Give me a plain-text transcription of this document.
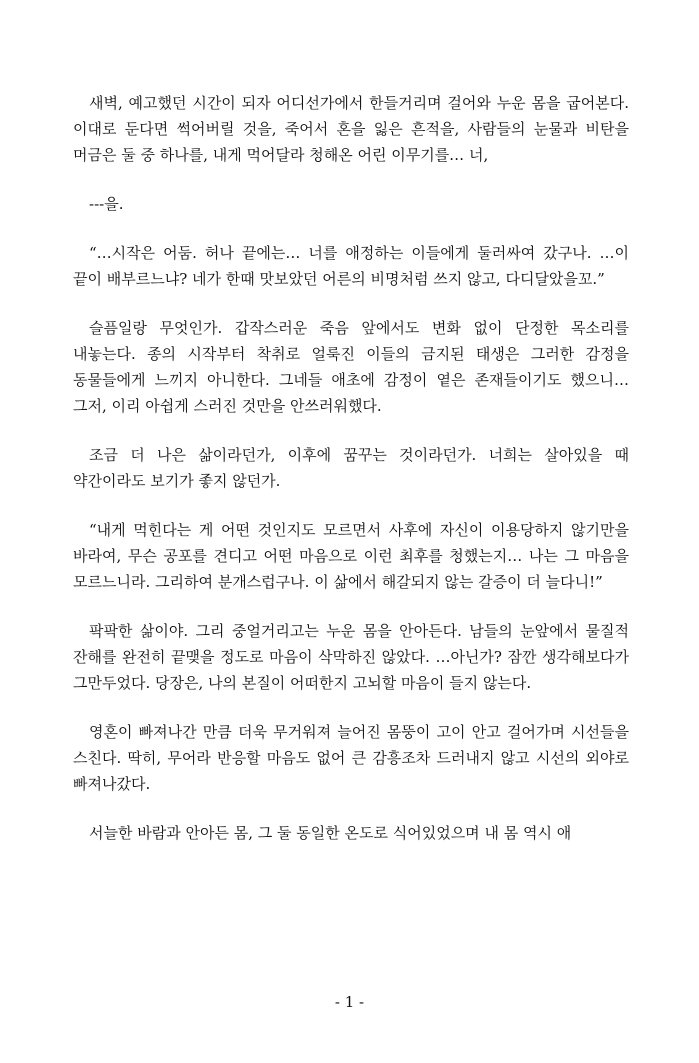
새벽, 예고했던 시간이 되자 어디선가에서 한들거리며 걸어와 누운 몸을 굽어본다. 이대로 둔다면 썩어버릴 것을, 죽어서 혼을 잃은 흔적을, 사람들의 눈물과 비탄을 머금은 둘 중 하나를, 내게 먹어달라 청해온 어린 이무기를… 너,

---을.

“…시작은 어둠. 허나 끝에는… 너를 애정하는 이들에게 둘러싸여 갔구나. …이 끝이 배부르느냐? 네가 한때 맛보았던 어른의 비명처럼 쓰지 않고, 다디달았을꼬.”

슬픔일랑 무엇인가. 갑작스러운 죽음 앞에서도 변화 없이 단정한 목소리를 내놓는다. 종의 시작부터 착취로 얼룩진 이들의 금지된 태생은 그러한 감정을 동물들에게 느끼지 아니한다. 그네들 애초에 감정이 옅은 존재들이기도 했으니… 그저, 이리 아쉽게 스러진 것만을 안쓰러워했다.

조금 더 나은 삶이라던가, 이후에 꿈꾸는 것이라던가. 너희는 살아있을 때 약간이라도 보기가 좋지 않던가.

“내게 먹힌다는 게 어떤 것인지도 모르면서 사후에 자신이 이용당하지 않기만을 바라여, 무슨 공포를 견디고 어떤 마음으로 이런 최후를 청했는지… 나는 그 마음을 모르느니라. 그리하여 분개스럽구나. 이 삶에서 해갈되지 않는 갈증이 더 늘다니!”

팍팍한 삶이야. 그리 중얼거리고는 누운 몸을 안아든다. 남들의 눈앞에서 물질적 잔해를 완전히 끝맺을 정도로 마음이 삭막하진 않았다. …아닌가? 잠깐 생각해보다가 그만두었다. 당장은, 나의 본질이 어떠한지 고뇌할 마음이 들지 않는다.

영혼이 빠져나간 만큼 더욱 무거워져 늘어진 몸뚱이 고이 안고 걸어가며 시선들을 스친다. 딱히, 무어라 반응할 마음도 없어 큰 감흥조차 드러내지 않고 시선의 외야로 빠져나갔다.

서늘한 바람과 안아든 몸, 그 둘 동일한 온도로 식어있었으며 내 몸 역시 애

- 1 -
